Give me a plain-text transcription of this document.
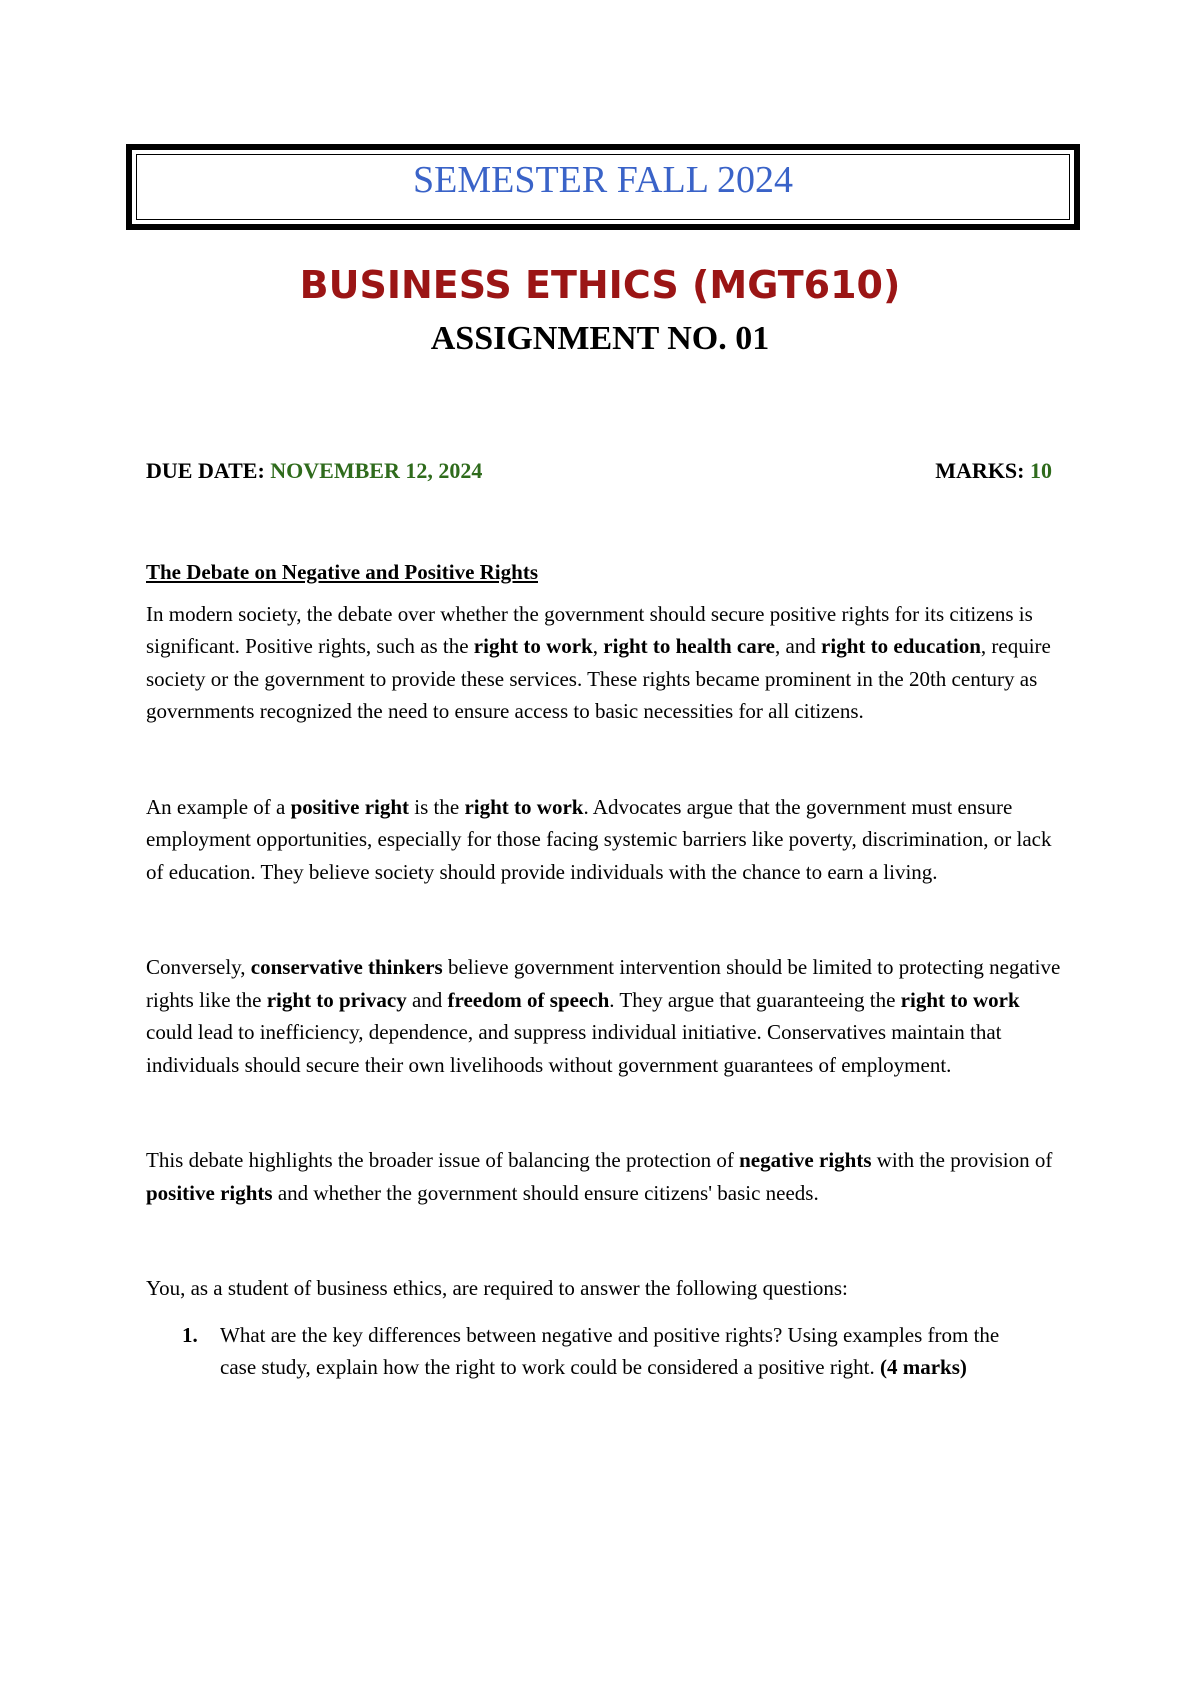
SEMESTER FALL 2024
BUSINESS ETHICS (MGT610)
ASSIGNMENT NO. 01
DUE DATE: NOVEMBER 12, 2024	MARKS: 10

The Debate on Negative and Positive Rights

In modern society, the debate over whether the government should secure positive rights for its citizens is significant. Positive rights, such as the right to work, right to health care, and right to education, require society or the government to provide these services. These rights became prominent in the 20th century as governments recognized the need to ensure access to basic necessities for all citizens.

An example of a positive right is the right to work. Advocates argue that the government must ensure employment opportunities, especially for those facing systemic barriers like poverty, discrimination, or lack of education. They believe society should provide individuals with the chance to earn a living.

Conversely, conservative thinkers believe government intervention should be limited to protecting negative rights like the right to privacy and freedom of speech. They argue that guaranteeing the right to work could lead to inefficiency, dependence, and suppress individual initiative. Conservatives maintain that individuals should secure their own livelihoods without government guarantees of employment.

This debate highlights the broader issue of balancing the protection of negative rights with the provision of positive rights and whether the government should ensure citizens' basic needs.

You, as a student of business ethics, are required to answer the following questions:

1.	What are the key differences between negative and positive rights? Using examples from the case study, explain how the right to work could be considered a positive right. (4 marks)
